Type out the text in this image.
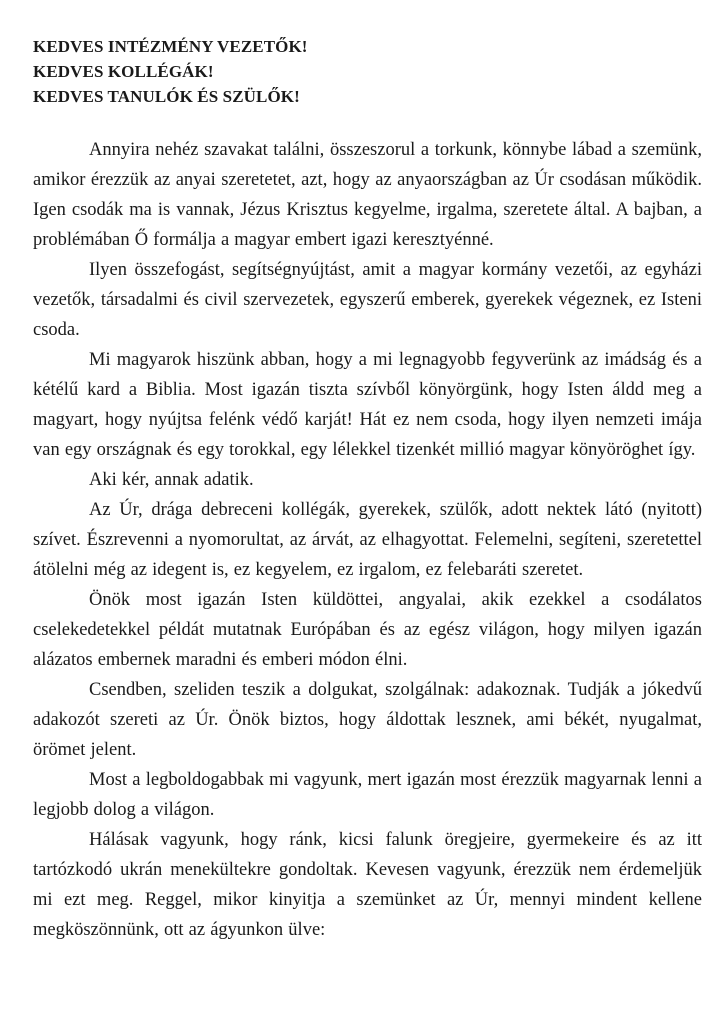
KEDVES INTÉZMÉNY VEZETŐK!
KEDVES KOLLÉGÁK!
KEDVES TANULÓK ÉS SZÜLŐK!

Annyira nehéz szavakat találni, összeszorul a torkunk, könnybe lábad a szemünk, amikor érezzük az anyai szeretetet, azt, hogy az anyaországban az Úr csodásan működik. Igen csodák ma is vannak, Jézus Krisztus kegyelme, irgalma, szeretete által. A bajban, a problémában Ő formálja a magyar embert igazi keresztyénné.

Ilyen összefogást, segítségnyújtást, amit a magyar kormány vezetői, az egyházi vezetők, társadalmi és civil szervezetek, egyszerű emberek, gyerekek végeznek, ez Isteni csoda.

Mi magyarok hiszünk abban, hogy a mi legnagyobb fegyverünk az imádság és a kétélű kard a Biblia. Most igazán tiszta szívből könyörgünk, hogy Isten áldd meg a magyart, hogy nyújtsa felénk védő karját! Hát ez nem csoda, hogy ilyen nemzeti imája van egy országnak és egy torokkal, egy lélekkel tizenkét millió magyar könyöröghet így.

Aki kér, annak adatik.

Az Úr, drága debreceni kollégák, gyerekek, szülők, adott nektek látó (nyitott) szívet. Észrevenni a nyomorultat, az árvát, az elhagyottat. Felemelni, segíteni, szeretettel átölelni még az idegent is, ez kegyelem, ez irgalom, ez felebaráti szeretet.

Önök most igazán Isten küldöttei, angyalai, akik ezekkel a csodálatos cselekedetekkel példát mutatnak Európában és az egész világon, hogy milyen igazán alázatos embernek maradni és emberi módon élni.

Csendben, szeliden teszik a dolgukat, szolgálnak: adakoznak. Tudják a jókedvű adakozót szereti az Úr. Önök biztos, hogy áldottak lesznek, ami békét, nyugalmat, örömet jelent.

Most a legboldogabbak mi vagyunk, mert igazán most érezzük magyarnak lenni a legjobb dolog a világon.

Hálásak vagyunk, hogy ránk, kicsi falunk öregjeire, gyermekeire és az itt tartózkodó ukrán menekültekre gondoltak. Kevesen vagyunk, érezzük nem érdemeljük mi ezt meg. Reggel, mikor kinyitja a szemünket az Úr, mennyi mindent kellene megköszönnünk, ott az ágyunkon ülve:
